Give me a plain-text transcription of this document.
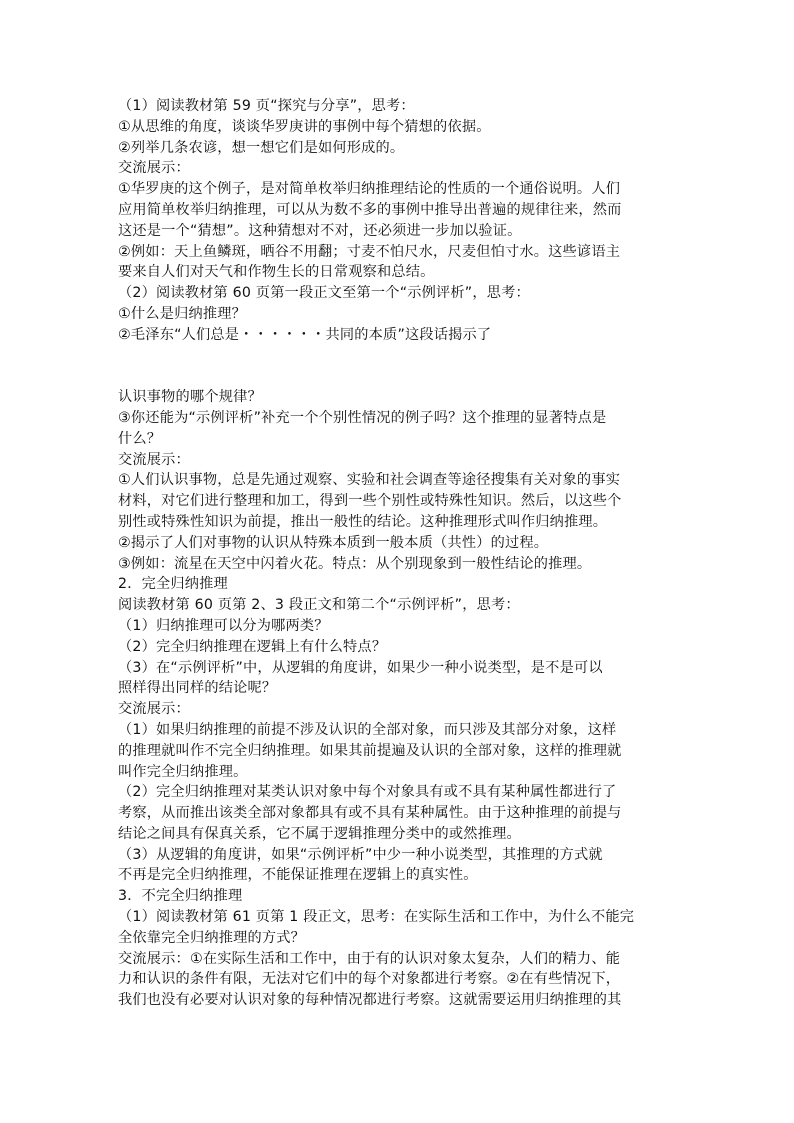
（1）阅读教材第 59 页“探究与分享”，思考：
①从思维的角度，谈谈华罗庚讲的事例中每个猜想的依据。
②列举几条农谚，想一想它们是如何形成的。
交流展示：
①华罗庚的这个例子，是对简单枚举归纳推理结论的性质的一个通俗说明。人们
应用简单枚举归纳推理，可以从为数不多的事例中推导出普遍的规律往来，然而
这还是一个“猜想”。这种猜想对不对，还必须进一步加以验证。
②例如：天上鱼鳞斑，晒谷不用翻；寸麦不怕尺水，尺麦但怕寸水。这些谚语主
要来自人们对天气和作物生长的日常观察和总结。
（2）阅读教材第 60 页第一段正文至第一个“示例评析”，思考：
①什么是归纳推理？
②毛泽东“人们总是・・・・・・共同的本质”这段话揭示了
认识事物的哪个规律？
③你还能为“示例评析”补充一个个别性情况的例子吗？这个推理的显著特点是
什么？
交流展示：
①人们认识事物，总是先通过观察、实验和社会调查等途径搜集有关对象的事实
材料，对它们进行整理和加工，得到一些个别性或特殊性知识。然后，以这些个
别性或特殊性知识为前提，推出一般性的结论。这种推理形式叫作归纳推理。
②揭示了人们对事物的认识从特殊本质到一般本质（共性）的过程。
③例如：流星在天空中闪着火花。特点：从个别现象到一般性结论的推理。
2．完全归纳推理
阅读教材第 60 页第 2、3 段正文和第二个“示例评析”，思考：
（1）归纳推理可以分为哪两类？
（2）完全归纳推理在逻辑上有什么特点？
（3）在“示例评析”中，从逻辑的角度讲，如果少一种小说类型，是不是可以
照样得出同样的结论呢？
交流展示：
（1）如果归纳推理的前提不涉及认识的全部对象，而只涉及其部分对象，这样
的推理就叫作不完全归纳推理。如果其前提遍及认识的全部对象，这样的推理就
叫作完全归纳推理。
（2）完全归纳推理对某类认识对象中每个对象具有或不具有某种属性都进行了
考察，从而推出该类全部对象都具有或不具有某种属性。由于这种推理的前提与
结论之间具有保真关系，它不属于逻辑推理分类中的或然推理。
（3）从逻辑的角度讲，如果“示例评析”中少一种小说类型，其推理的方式就
不再是完全归纳推理，不能保证推理在逻辑上的真实性。
3．不完全归纳推理
（1）阅读教材第 61 页第 1 段正文，思考：在实际生活和工作中，为什么不能完
全依靠完全归纳推理的方式？
交流展示：①在实际生活和工作中，由于有的认识对象太复杂，人们的精力、能
力和认识的条件有限，无法对它们中的每个对象都进行考察。②在有些情况下，
我们也没有必要对认识对象的每种情况都进行考察。这就需要运用归纳推理的其
